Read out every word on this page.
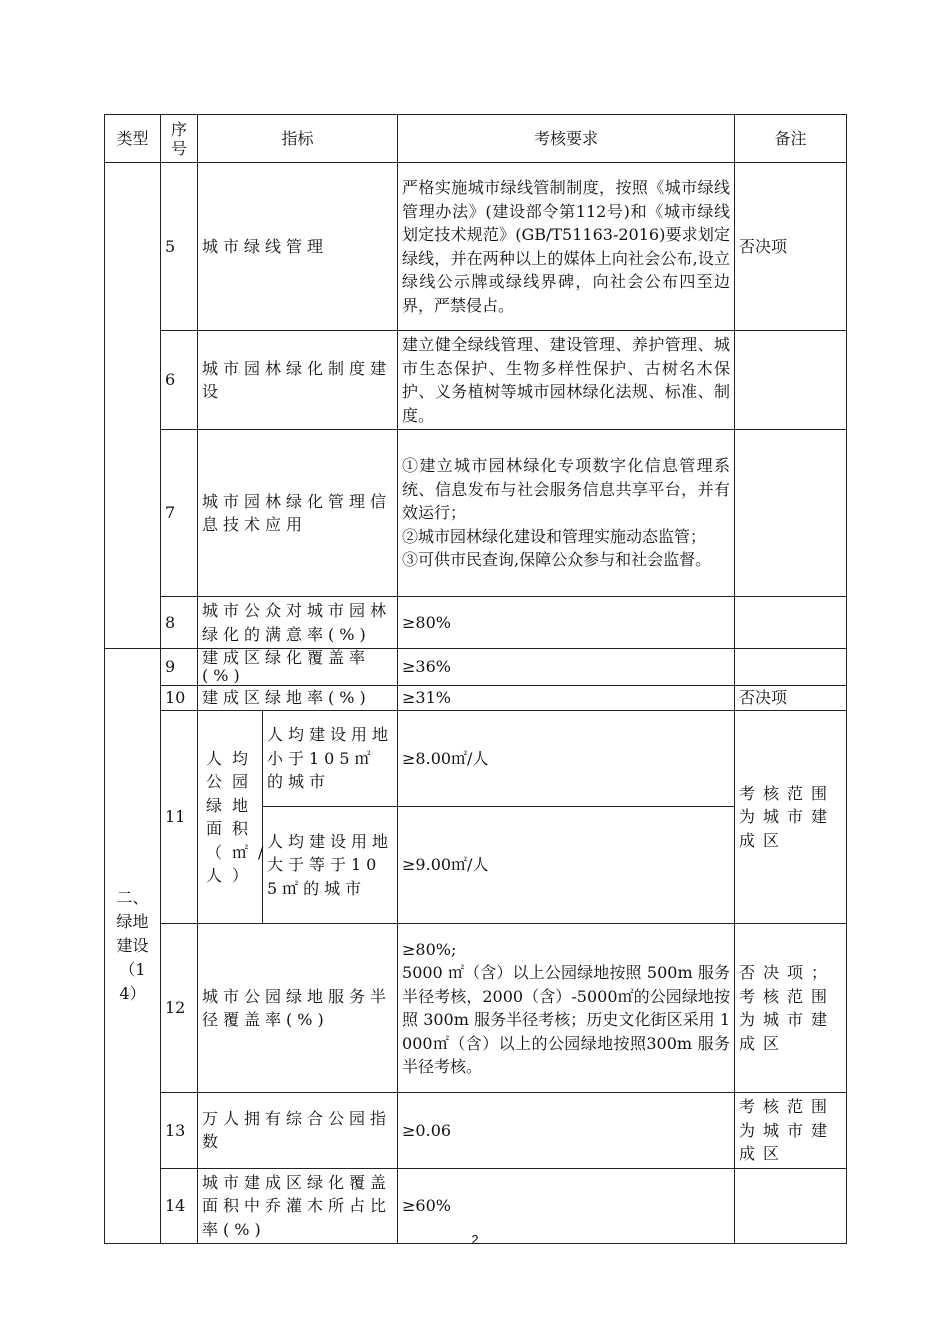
类型	序号	指标		考核要求	备注
	5	城市绿线管理		严格实施城市绿线管制制度，按照《城市绿线管理办法》(建设部令第112号)和《城市绿线划定技术规范》(GB/T51163-2016)要求划定绿线，并在两种以上的媒体上向社会公布,设立绿线公示牌或绿线界碑，向社会公布四至边界，严禁侵占。	否决项
	6	城市园林绿化制度建设		建立健全绿线管理、建设管理、养护管理、城市生态保护、生物多样性保护、古树名木保护、义务植树等城市园林绿化法规、标准、制度。	
	7	城市园林绿化管理信息技术应用		①建立城市园林绿化专项数字化信息管理系统、信息发布与社会服务信息共享平台，并有效运行；
②城市园林绿化建设和管理实施动态监管；
③可供市民查询,保障公众参与和社会监督。	

	8	城市公众对城市园林绿化的满意率(%)		≥80%	
二、绿地建设（14）	9	建成区绿化覆盖率(%)		≥36%	
	10	建成区绿地率(%)		≥31%	否决项
	11	人均公园绿地面积（㎡/人）	人均建设用地小于105㎡的城市	≥8.00㎡/人	考核范围为城市建成区
			人均建设用地大于等于105㎡的城市	≥9.00㎡/人	
	12	城市公园绿地服务半径覆盖率(%)		≥80%;
5000 ㎡（含）以上公园绿地按照 500m 服务半径考核，2000（含）-5000㎡的公园绿地按照 300m 服务半径考核；历史文化街区采用 1000㎡（含）以上的公园绿地按照300m 服务半径考核。	否决项；考核范围为城市建成区
	13	万人拥有综合公园指数		≥0.06	考核范围为城市建成区
	14	城市建成区绿化覆盖面积中乔灌木所占比率(%)		≥60%	
2
